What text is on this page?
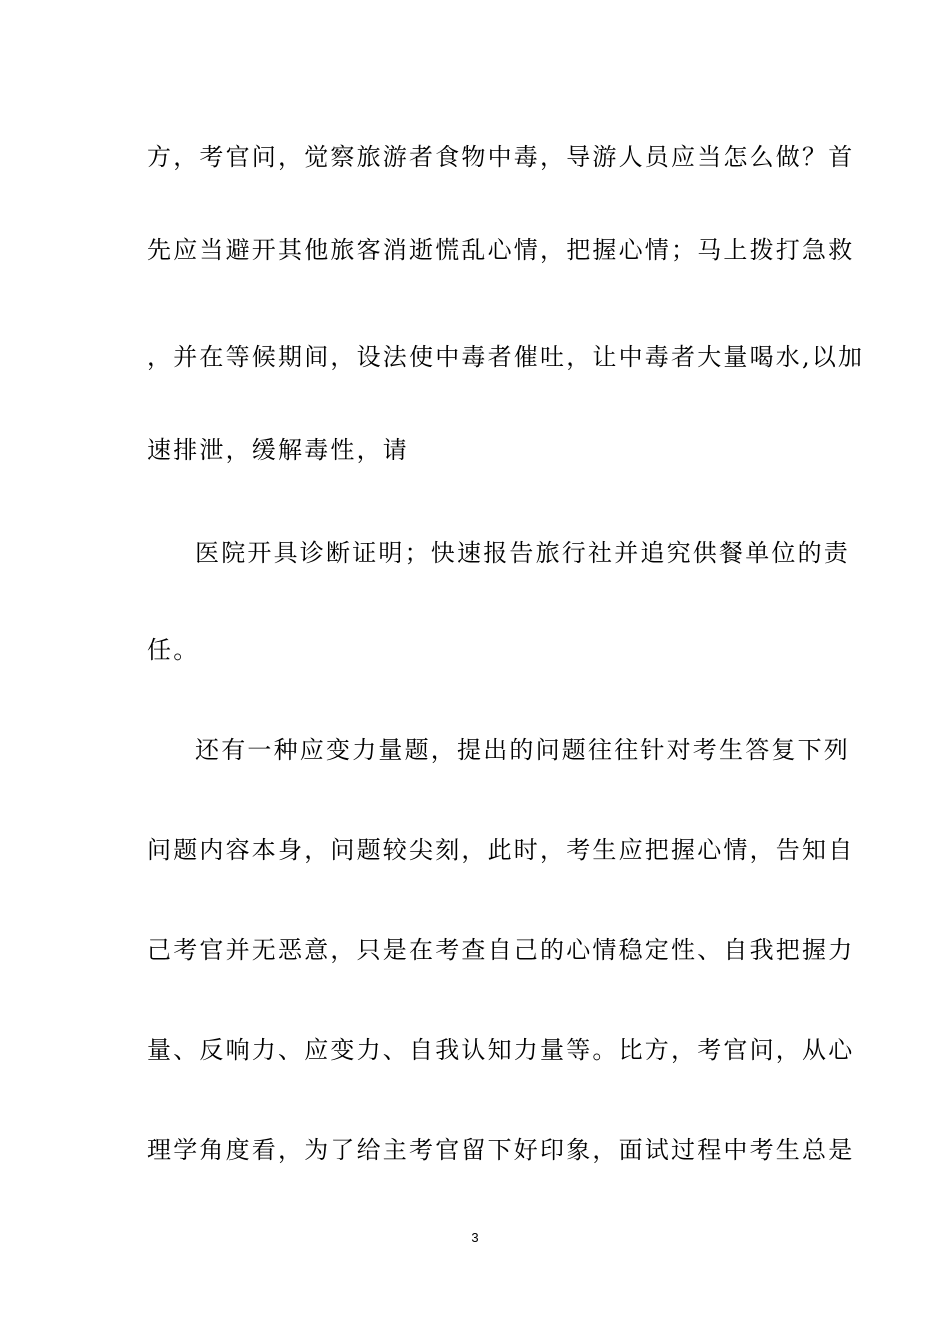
方，考官问，觉察旅游者食物中毒，导游人员应当怎么做？首
先应当避开其他旅客消逝慌乱心情，把握心情；马上拨打急救
，并在等候期间，设法使中毒者催吐，让中毒者大量喝水,以加
速排泄，缓解毒性，请
医院开具诊断证明；快速报告旅行社并追究供餐单位的责
任。
还有一种应变力量题，提出的问题往往针对考生答复下列
问题内容本身，问题较尖刻，此时，考生应把握心情，告知自
己考官并无恶意，只是在考查自己的心情稳定性、自我把握力
量、反响力、应变力、自我认知力量等。比方，考官问，从心
理学角度看，为了给主考官留下好印象，面试过程中考生总是
3
